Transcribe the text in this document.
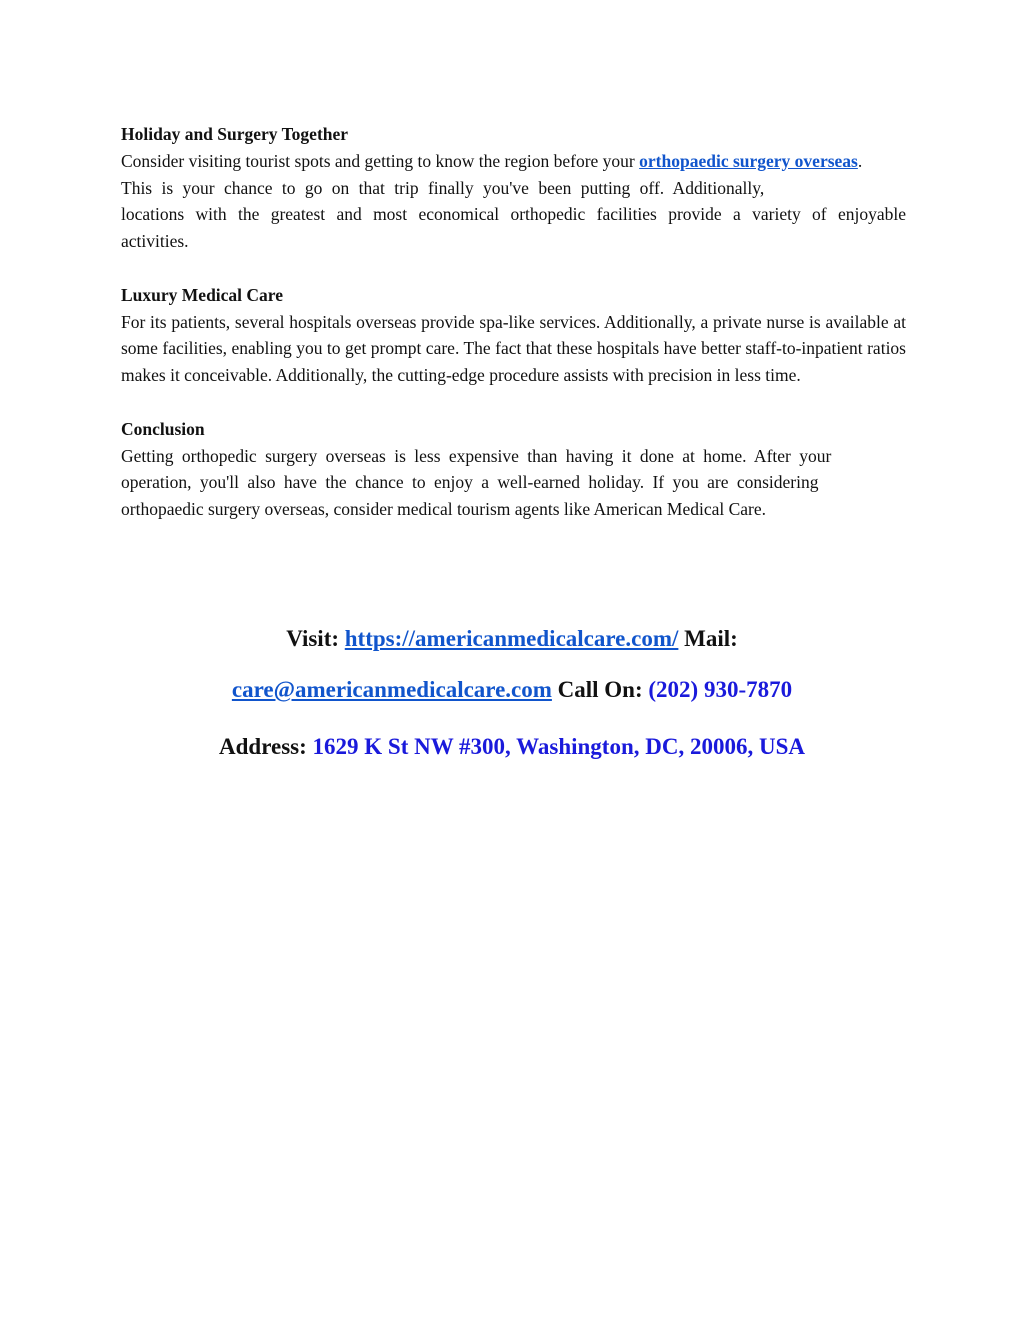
Holiday and Surgery Together
Consider visiting tourist spots and getting to know the region before your orthopaedic surgery overseas. This is your chance to go on that trip finally you've been putting off. Additionally,
locations with the greatest and most economical orthopedic facilities provide a variety of enjoyable activities.
Luxury Medical Care
For its patients, several hospitals overseas provide spa-like services. Additionally, a private nurse is available at some facilities, enabling you to get prompt care. The fact that these hospitals have better staff-to-inpatient ratios makes it conceivable. Additionally, the cutting-edge procedure assists with precision in less time.
Conclusion
Getting orthopedic surgery overseas is less expensive than having it done at home. After your operation, you'll also have the chance to enjoy a well-earned holiday. If you are considering
orthopaedic surgery overseas, consider medical tourism agents like American Medical Care.
Visit: https://americanmedicalcare.com/ Mail:
care@americanmedicalcare.com Call On: (202) 930-7870
Address: 1629 K St NW #300, Washington, DC, 20006, USA
